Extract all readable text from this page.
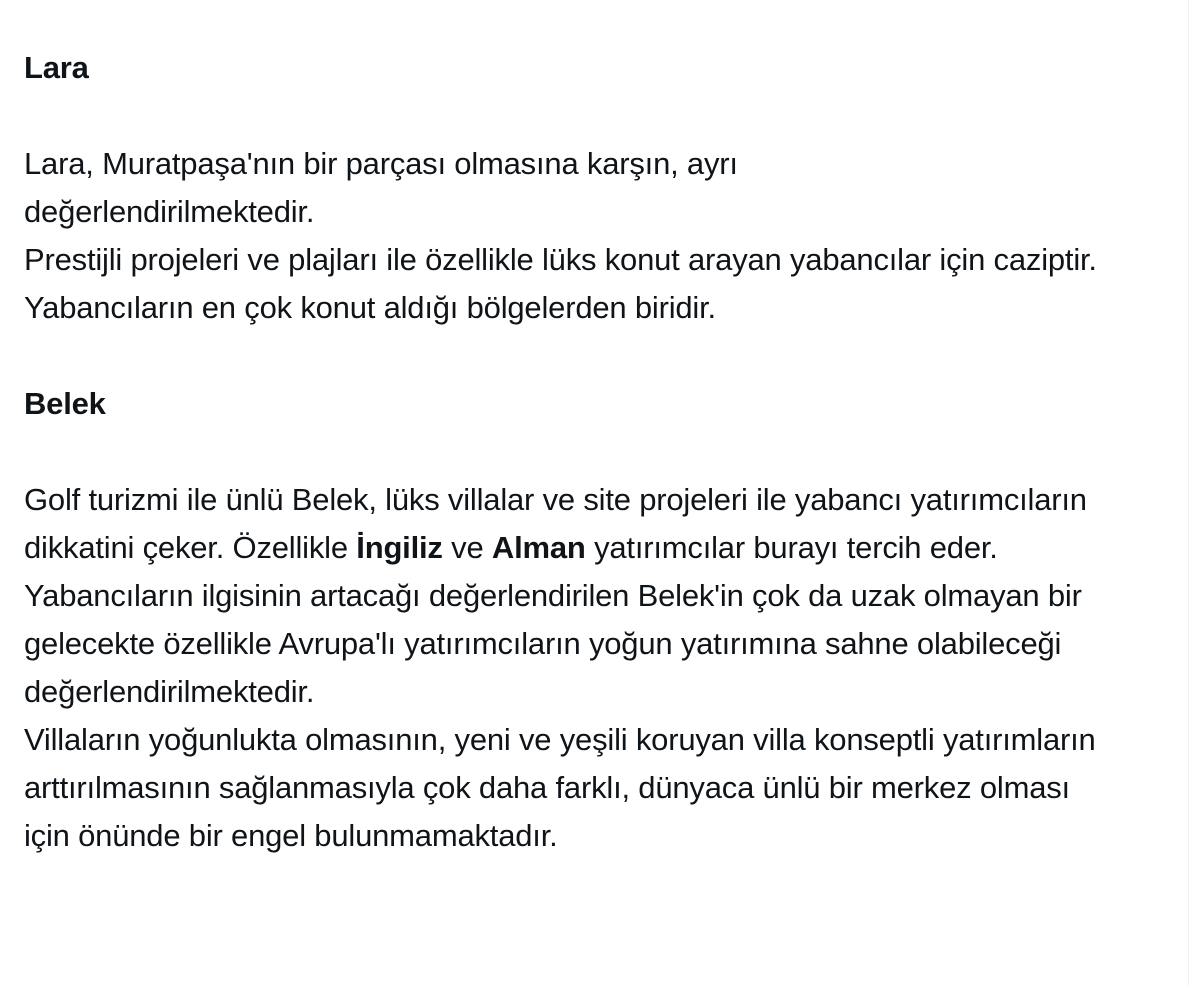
Lara

Lara, Muratpaşa'nın bir parçası olmasına karşın, ayrı değerlendirilmektedir.

Prestijli projeleri ve plajları ile özellikle lüks konut arayan yabancılar için caziptir.

Yabancıların en çok konut aldığı bölgelerden biridir.

Belek

Golf turizmi ile ünlü Belek, lüks villalar ve site projeleri ile yabancı yatırımcıların dikkatini çeker. Özellikle İngiliz ve Alman yatırımcılar burayı tercih eder.

Yabancıların ilgisinin artacağı değerlendirilen Belek'in çok da uzak olmayan bir gelecekte özellikle Avrupa'lı yatırımcıların yoğun yatırımına sahne olabileceği değerlendirilmektedir.

Villaların yoğunlukta olmasının, yeni ve yeşili koruyan villa konseptli yatırımların arttırılmasının sağlanmasıyla çok daha farklı, dünyaca ünlü bir merkez olması için önünde bir engel bulunmamaktadır.
